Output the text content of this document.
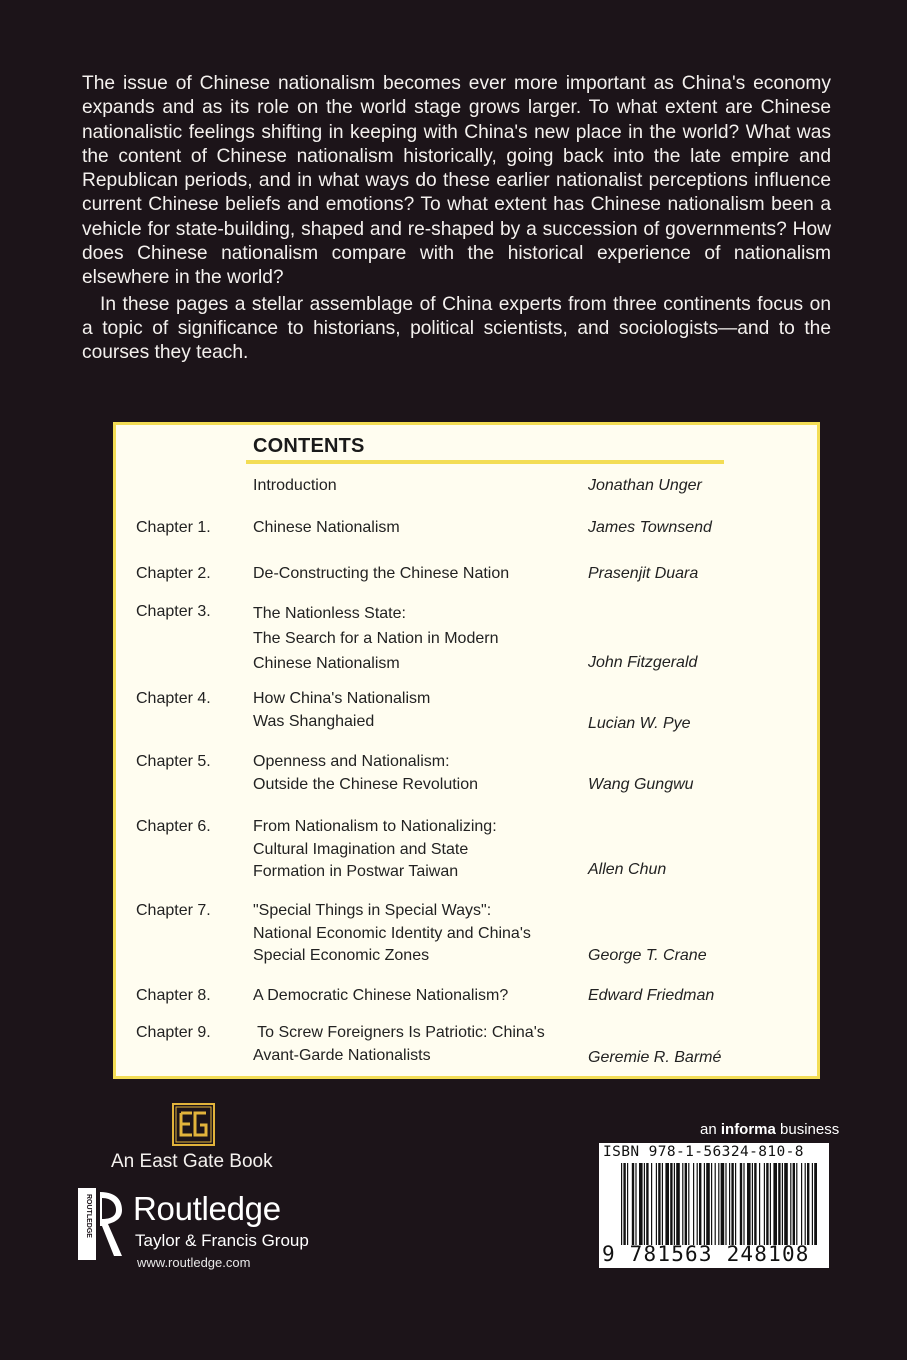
The issue of Chinese nationalism becomes ever more important as China's economy expands and as its role on the world stage grows larger. To what extent are Chinese nationalistic feelings shifting in keeping with China's new place in the world? What was the content of Chinese nationalism historically, going back into the late empire and Republican periods, and in what ways do these earlier nationalist perceptions influence current Chinese beliefs and emotions? To what extent has Chinese nationalism been a vehicle for state-building, shaped and re-shaped by a succession of governments? How does Chinese nationalism compare with the historical experience of nationalism elsewhere in the world?

In these pages a stellar assemblage of China experts from three continents focus on a topic of significance to historians, political scientists, and sociologists—and to the courses they teach.

CONTENTS
Introduction	Jonathan Unger
Chapter 1.	Chinese Nationalism	James Townsend
Chapter 2.	De-Constructing the Chinese Nation	Prasenjit Duara
Chapter 3.	The Nationless State:
The Search for a Nation in Modern
Chinese Nationalism	John Fitzgerald
Chapter 4.	How China's Nationalism
Was Shanghaied	Lucian W. Pye
Chapter 5.	Openness and Nationalism:
Outside the Chinese Revolution	Wang Gungwu
Chapter 6.	From Nationalism to Nationalizing:
Cultural Imagination and State
Formation in Postwar Taiwan	Allen Chun
Chapter 7.	"Special Things in Special Ways":
National Economic Identity and China's
Special Economic Zones	George T. Crane
Chapter 8.	A Democratic Chinese Nationalism?	Edward Friedman
Chapter 9.	To Screw Foreigners Is Patriotic: China's
Avant-Garde Nationalists	Geremie R. Barmé
An East Gate Book
ROUTLEDGE Routledge
Taylor & Francis Group
www.routledge.com
an informa business
ISBN 978-1-56324-810-8
9 781563 248108
